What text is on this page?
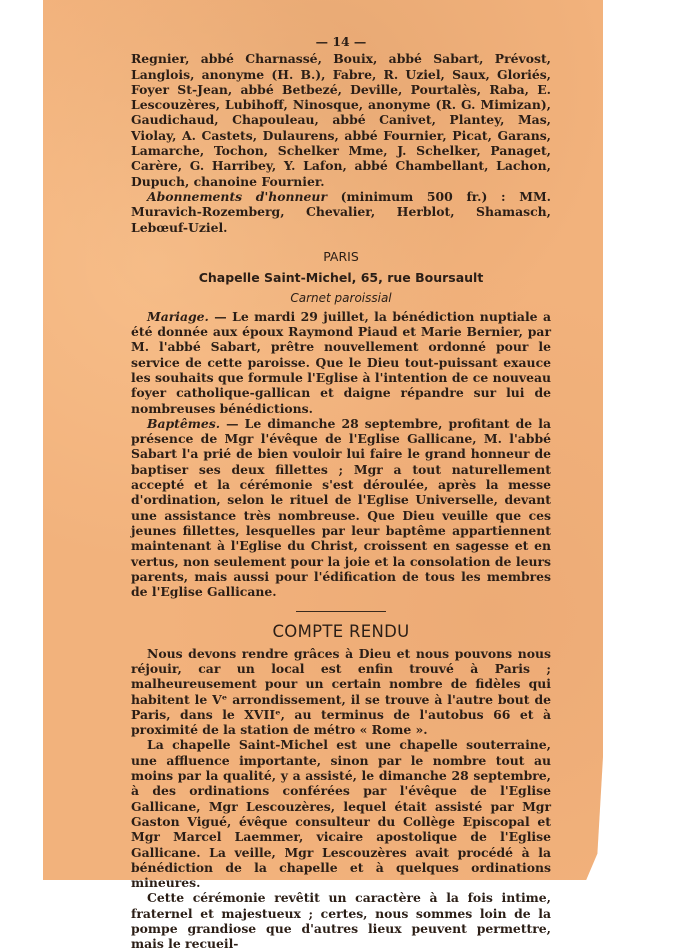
— 14 —

Regnier, abbé Charnassé, Bouix, abbé Sabart, Prévost, Langlois, anonyme (H. B.), Fabre, R. Uziel, Saux, Gloriés, Foyer St-Jean, abbé Betbezé, Deville, Pourtalès, Raba, E. Lescouzères, Lubihoff, Ninosque, anonyme (R. G. Mimizan), Gaudichaud, Chapouleau, abbé Canivet, Plantey, Mas, Violay, A. Castets, Dulaurens, abbé Fournier, Picat, Garans, Lamarche, Tochon, Schelker Mme, J. Schelker, Panaget, Carère, G. Harribey, Y. Lafon, abbé Chambellant, Lachon, Dupuch, chanoine Fournier.

Abonnements d'honneur (minimum 500 fr.) : MM. Muravich-Rozemberg, Chevalier, Herblot, Shamasch, Lebœuf-Uziel.

PARIS
Chapelle Saint-Michel, 65, rue Boursault
Carnet paroissial

Mariage. — Le mardi 29 juillet, la bénédiction nuptiale a été donnée aux époux Raymond Piaud et Marie Bernier, par M. l'abbé Sabart, prêtre nouvellement ordonné pour le service de cette paroisse. Que le Dieu tout-puissant exauce les souhaits que formule l'Eglise à l'intention de ce nouveau foyer catholique-gallican et daigne répandre sur lui de nombreuses bénédictions.

Baptêmes. — Le dimanche 28 septembre, profitant de la présence de Mgr l'évêque de l'Eglise Gallicane, M. l'abbé Sabart l'a prié de bien vouloir lui faire le grand honneur de baptiser ses deux fillettes ; Mgr a tout naturellement accepté et la cérémonie s'est déroulée, après la messe d'ordination, selon le rituel de l'Eglise Universelle, devant une assistance très nombreuse. Que Dieu veuille que ces jeunes fillettes, lesquelles par leur baptême appartiennent maintenant à l'Eglise du Christ, croissent en sagesse et en vertus, non seulement pour la joie et la consolation de leurs parents, mais aussi pour l'édification de tous les membres de l'Eglise Gallicane.

COMPTE RENDU

Nous devons rendre grâces à Dieu et nous pouvons nous réjouir, car un local est enfin trouvé à Paris ; malheureusement pour un certain nombre de fidèles qui habitent le Vᵉ arrondissement, il se trouve à l'autre bout de Paris, dans le XVIIᵉ, au terminus de l'autobus 66 et à proximité de la station de métro « Rome ».

La chapelle Saint-Michel est une chapelle souterraine, une affluence importante, sinon par le nombre tout au moins par la qualité, y a assisté, le dimanche 28 septembre, à des ordinations conférées par l'évêque de l'Eglise Gallicane, Mgr Lescouzères, lequel était assisté par Mgr Gaston Vigué, évêque consulteur du Collège Episcopal et Mgr Marcel Laemmer, vicaire apostolique de l'Eglise Gallicane. La veille, Mgr Lescouzères avait procédé à la bénédiction de la chapelle et à quelques ordinations mineures.

Cette cérémonie revêtit un caractère à la fois intime, fraternel et majestueux ; certes, nous sommes loin de la pompe grandiose que d'autres lieux peuvent permettre, mais le recueil-
